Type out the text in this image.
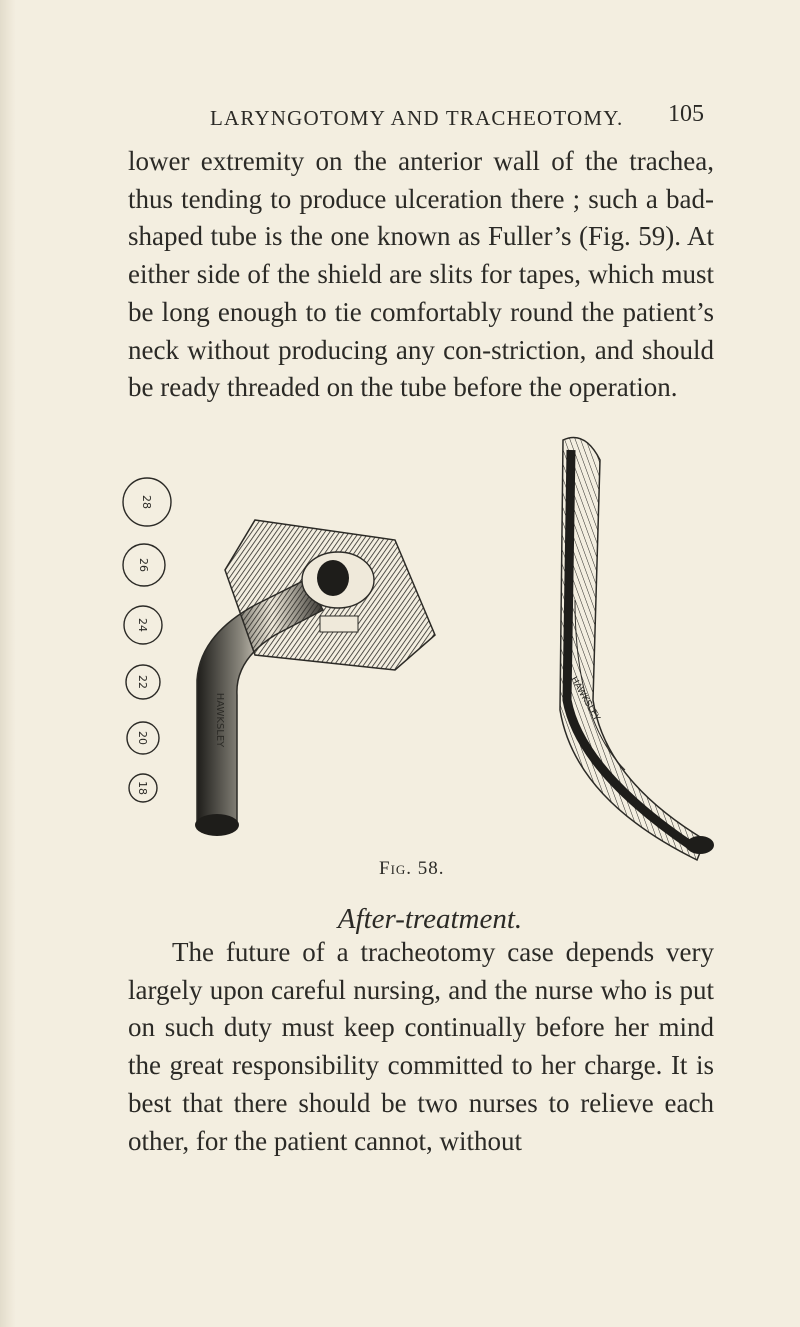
LARYNGOTOMY AND TRACHEOTOMY. 105

lower extremity on the anterior wall of the trachea, thus tending to produce ulceration there ; such a bad-shaped tube is the one known as Fuller’s (Fig. 59). At either side of the shield are slits for tapes, which must be long enough to tie comfortably round the patient’s neck without producing any con-striction, and should be ready threaded on the tube before the operation.

28
26
24
22
20
18
HAWKSLEY	HAWKSLEY
Fig. 58.
After-treatment.

The future of a tracheotomy case depends very largely upon careful nursing, and the nurse who is put on such duty must keep continually before her mind the great responsibility committed to her charge. It is best that there should be two nurses to relieve each other, for the patient cannot, without
